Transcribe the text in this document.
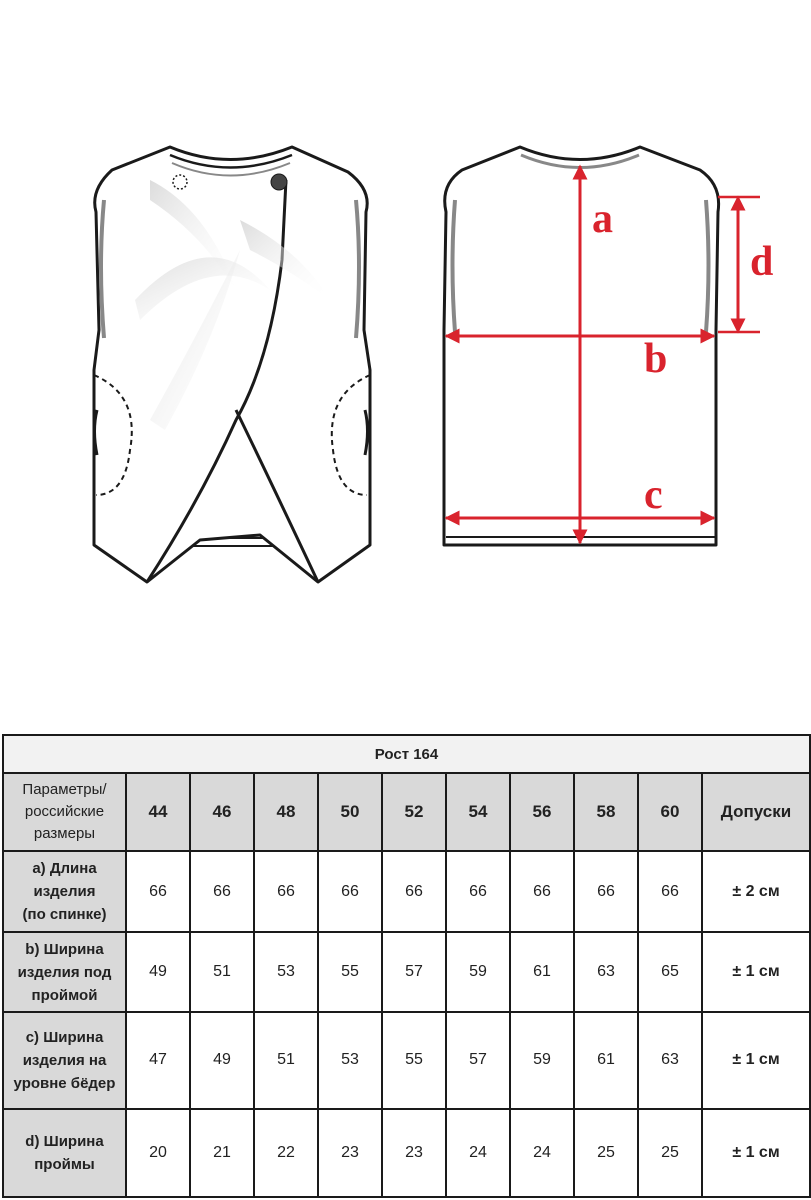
a
b
c
d
Рост 164										

Параметры/
российские
размеры	44	46	48	50	52	54	56	58	60	Допуски

a) Длина
изделия
(по спинке)	66	66	66	66	66	66	66	66	66	± 2 см

b) Ширина
изделия под
проймой	49	51	53	55	57	59	61	63	65	± 1 см

c) Ширина
изделия на
уровне бёдер	47	49	51	53	55	57	59	61	63	± 1 см

d) Ширина
проймы	20	21	22	23	23	24	24	25	25	± 1 см
